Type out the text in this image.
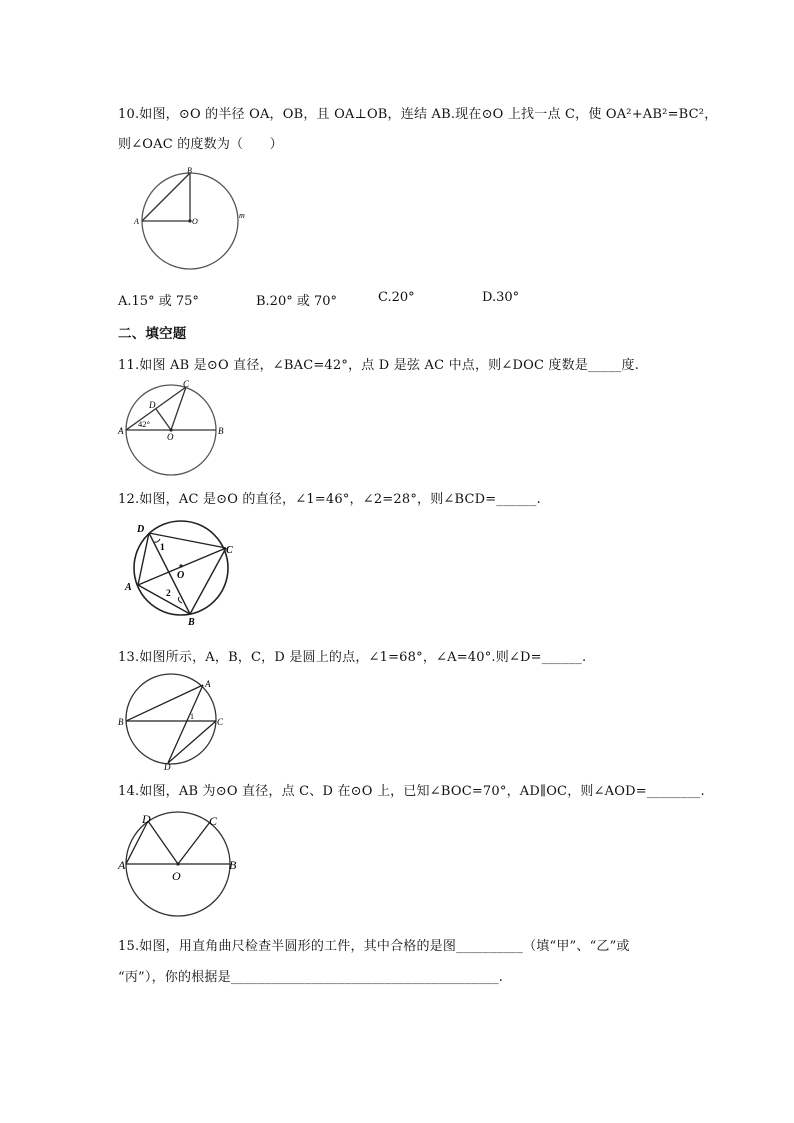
10.如图，⊙O 的半径 OA，OB，且 OA⊥OB，连结 AB.现在⊙O 上找一点 C，使 OA²+AB²=BC²，
则∠OAC 的度数为（　　）
B
A	O
m
A.15° 或 75°	B.20° 或 70°	C.20°	D.30°
二、填空题
11.如图 AB 是⊙O 直径，∠BAC=42°，点 D 是弦 AC 中点，则∠DOC 度数是_____度.
C
D
A
42°
O
B
12.如图，AC 是⊙O 的直径，∠1=46°，∠2=28°，则∠BCD=______.
D
1	C
O
A
2
B
13.如图所示，A，B，C，D 是圆上的点，∠1=68°，∠A=40°.则∠D=______.
A
B
1
C
D
14.如图，AB 为⊙O 直径，点 C、D 在⊙O 上，已知∠BOC=70°，AD∥OC，则∠AOD=________.
D	C
A
O
B
15.如图，用直角曲尺检查半圆形的工件，其中合格的是图__________（填“甲”、“乙”或
“丙”），你的根据是________________________________________.
